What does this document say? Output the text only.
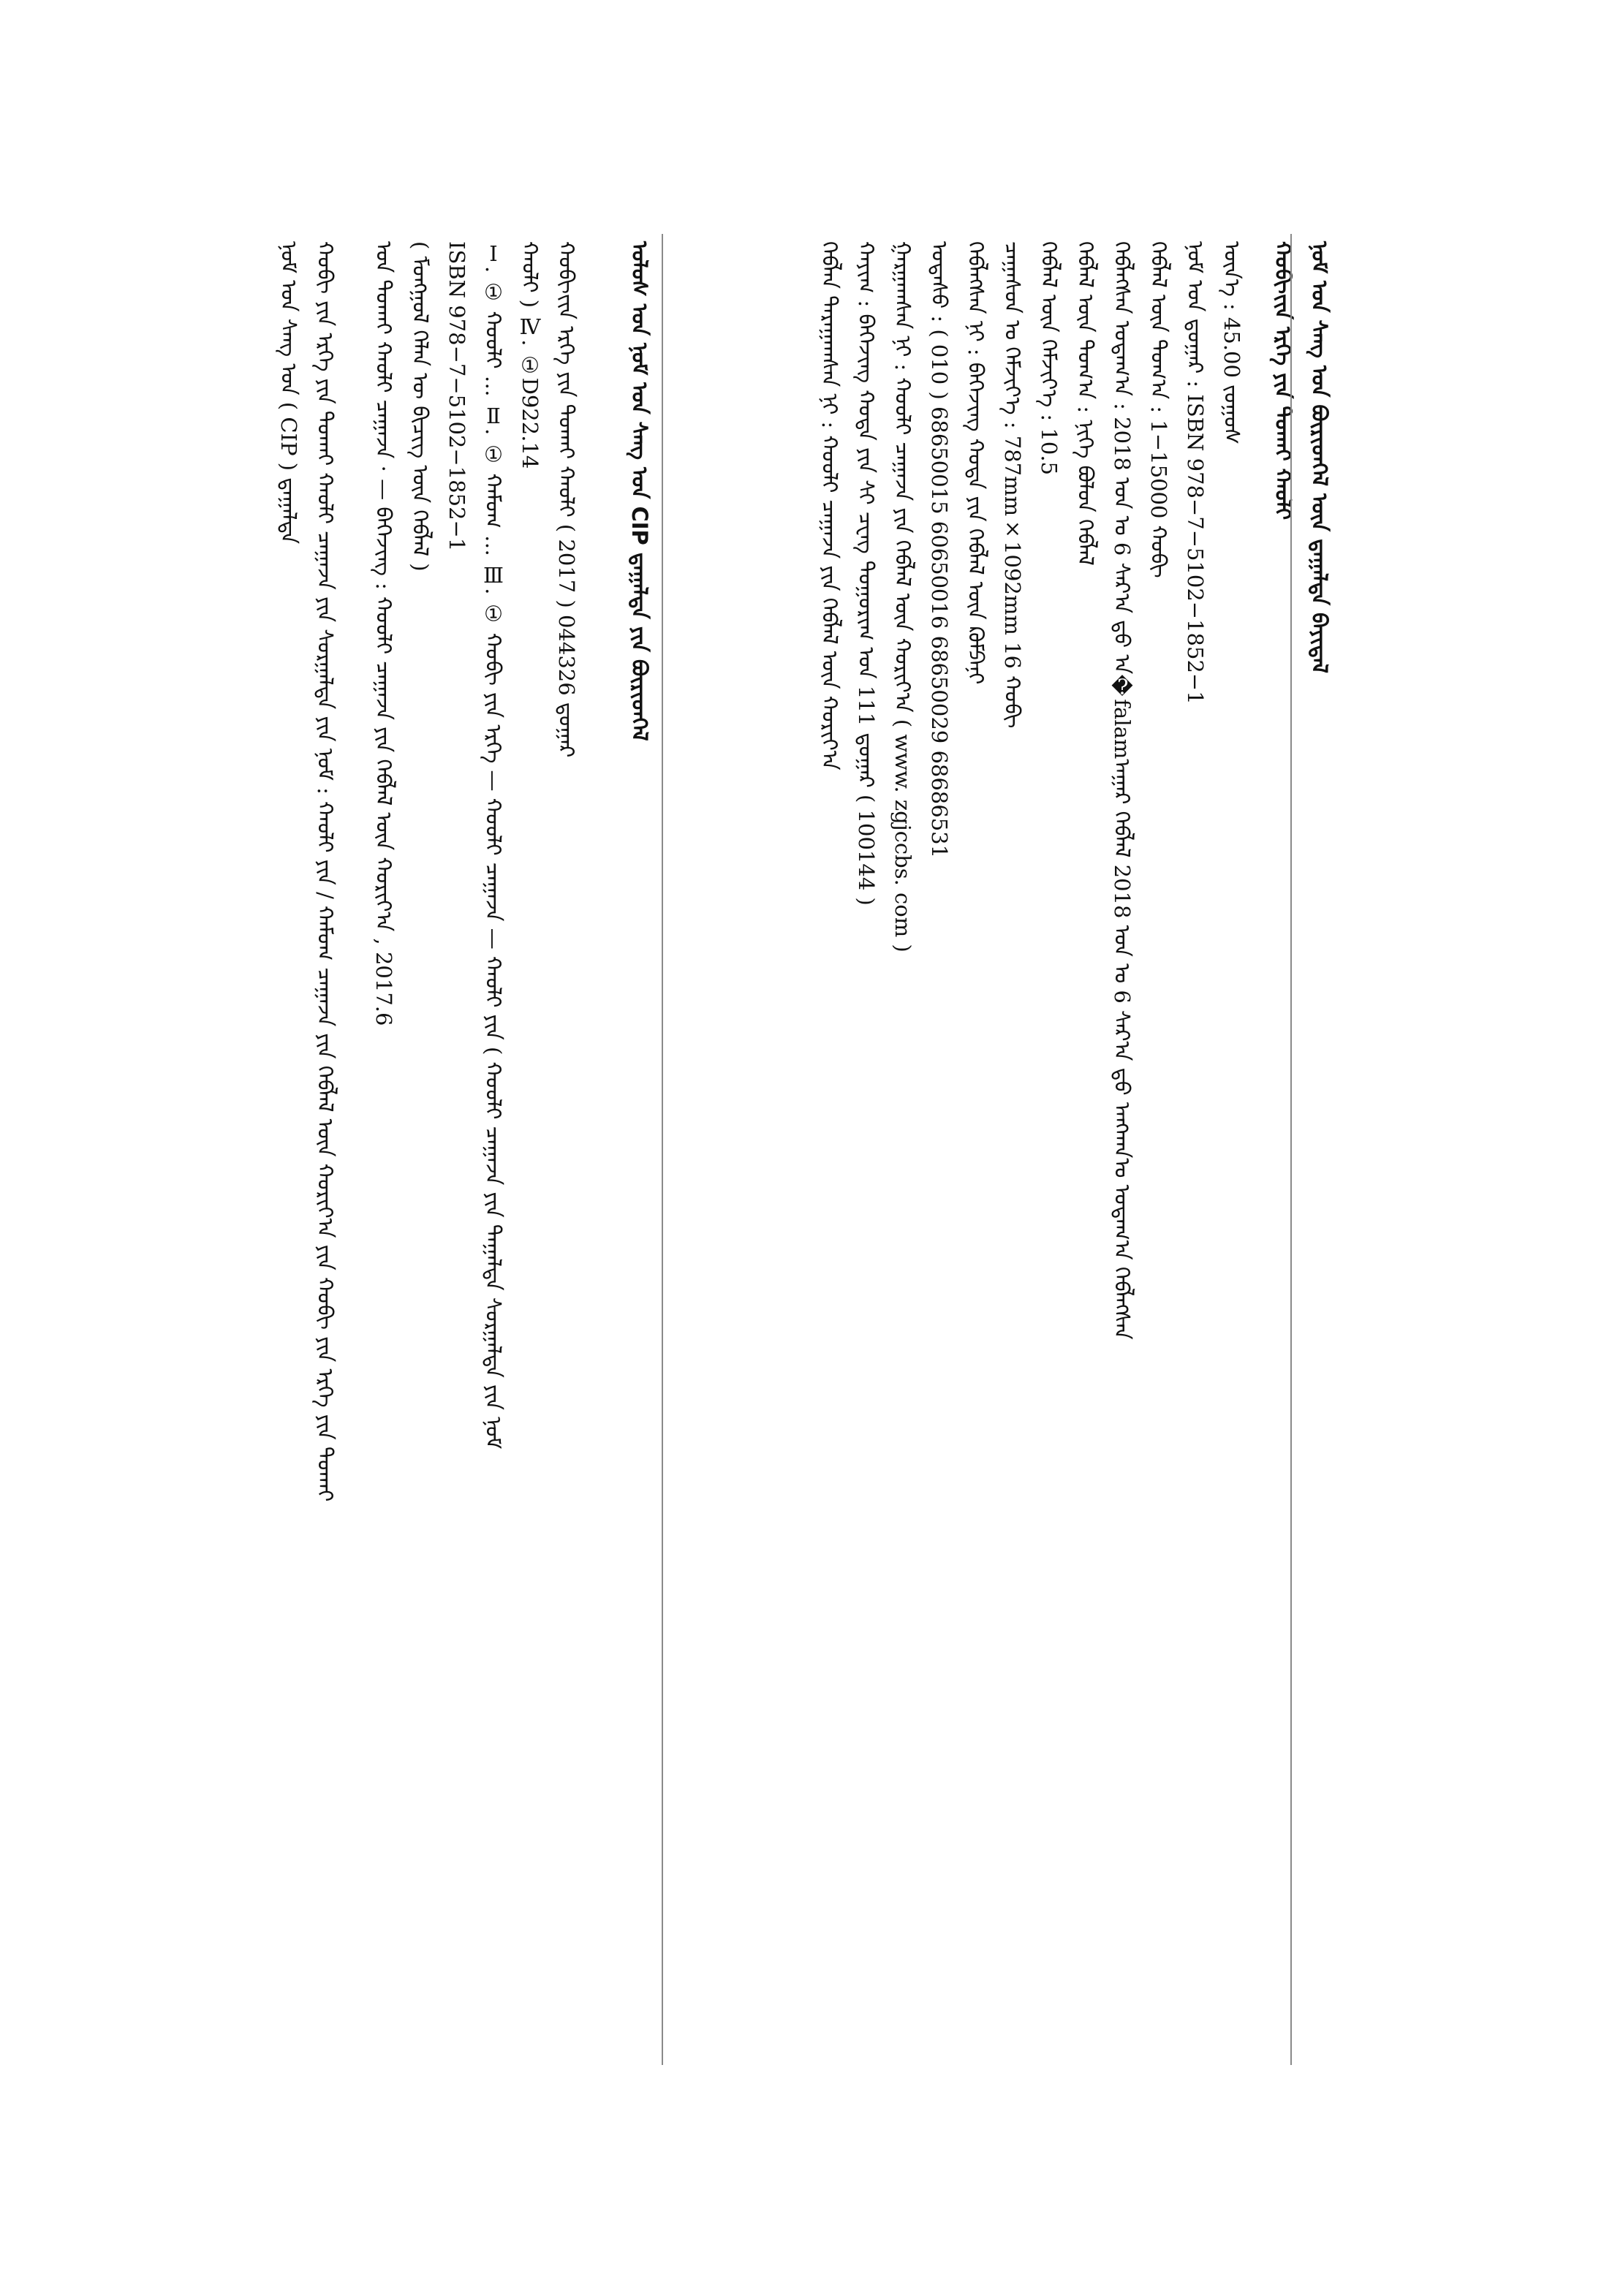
ᠨᠣᠮ ᠤᠨ ᠰᠠᠩ ᠤᠨ ᠪᠦᠷᠢᠳᠬᠡᠯ ᠦᠨ ᠳ᠋ᠠᠭᠠᠯᠲᠠ ᠪᠠᠶᠢᠳᠠᠯ
ᠬᠤᠪᠢ᠎ᠶ᠋ᠢᠨ ᠡᠷᠬᠡ ᠶᠢᠨ ᠲᠤᠬᠠᠢ ᠬᠠᠤᠯᠢ
ᠦᠨ᠎ᠡ : 45.00 ᠵᠣᠭᠣᠰ
ᠨᠣᠮ ᠤᠨ ᠳ᠋ᠤᠭᠠᠷ : ISBN 978−7−5102−1852−1
ᠬᠡᠪᠯᠡᠯ ᠦᠨ ᠲᠣᠭ᠎ᠠ : 1−15000 ᠬᠤᠪᠢ
ᠬᠡᠪᠯᠡᠭᠰᠡᠨ ᠤᠳᠠᠭ᠎ᠠ : 2018 ᠣᠨ ᠤ 6 ᠰᠠᠷ᠎ᠠ ᠳ᠋ᠤ ᠠ�falamᠠᠭᠠᠷ ᠬᠡᠪᠯᠡᠯ 2018 ᠣᠨ ᠤ 6 ᠰᠠᠷ᠎ᠠ ᠳ᠋ᠤ ᠠᠩᠬᠠᠨ᠎ᠤ ᠤᠳᠠᠭ᠎ᠠ ᠬᠡᠪᠯᠡᠭᠰᠡᠨ
ᠬᠡᠪᠯᠡᠯ ᠦᠨ ᠲᠣᠭ᠎ᠠ : ᠨᠢᠭᠡ ᠪᠣᠯᠤᠨ ᠬᠡᠪᠯᠡᠯ
ᠬᠡᠪᠯᠡᠯ ᠦᠨ ᠬᠡᠮᠵᠢᠶ᠎ᠡ : 10.5
ᠴᠠᠭᠠᠰᠤᠨ ᠤ ᠬᠡᠮᠵᠢᠶ᠎ᠡ : 787mm×1092mm 16 ᠬᠤᠪᠢ
ᠬᠡᠪᠯᠡᠭᠰᠡᠨ ᠨᠢ : ᠪᠡᠭᠡᠵᠢᠩ ᠬᠣᠲᠠ ᠶᠢᠨ ᠬᠡᠪᠯᠡᠯ ᠦᠨ ᠺᠣᠮᠫᠠᠨᠢ
ᠤᠲᠠᠰᠤ : ( 010 ) 68650015 60650016 68650029 68686531
ᠭᠠᠷᠭᠠᠭᠰᠠᠨ ᠨᠢ : ᠬᠤᠤᠯᠢ ᠴᠠᠭᠠᠵᠠ ᠶᠢᠨ ᠬᠡᠪᠯᠡᠯ ᠦᠨ ᠬᠣᠷᠢᠶ᠎ᠠ ( www. zgjccbs. com )
ᠬᠠᠶᠢᠭ : ᠪᠡᠭᠡᠵᠢᠩ ᠬᠣᠲᠠ ᠶᠢᠨ ᠰᠢ ᠴᠧᠩ ᠲᠣᠭᠣᠷᠢᠭ ᠤᠨ 111 ᠳ᠋ᠤᠭᠠᠷ ( 100144 )
ᠬᠡᠪᠯᠡᠨ ᠲᠠᠷᠠᠭᠠᠭᠰᠠᠨ ᠨᠢ : ᠬᠤᠤᠯᠢ ᠴᠠᠭᠠᠵᠠ ᠶᠢᠨ ᠬᠡᠪᠯᠡᠯ ᠦᠨ ᠬᠣᠷᠢᠶ᠎ᠠ
ᠤᠯᠤᠰ ᠤᠨ ᠨᠣᠮ ᠤᠨ ᠰᠠᠩ ᠤᠨ CIP ᠳ᠋ᠠᠭᠠᠯᠲᠠ ᠶᠢᠨ ᠪᠦᠷᠢᠳᠬᠡᠯ
ᠬᠤᠪᠢ᠎ᠶ᠋ᠢᠨ ᠡᠷᠬᠡ ᠶᠢᠨ ᠲᠤᠬᠠᠢ ᠬᠠᠤᠯᠢ ( 2017 ) 044326 ᠳ᠋ᠤᠭᠠᠷ
ᠬᠠᠤᠯᠢ ) Ⅳ. ①D922.14
Ⅰ. ① ᠬᠤᠤᠯᠢ … Ⅱ. ① ᠬᠠᠮᠤᠭ … Ⅲ. ① ᠬᠤᠪᠢ ᠶᠢᠨ ᠡᠷᠬᠡ — ᠬᠤᠤᠯᠢ ᠴᠠᠭᠠᠵᠠ — ᠬᠠᠤᠯᠢ ᠶᠢᠨ ( ᠬᠤᠤᠯᠢ ᠴᠠᠭᠠᠵᠠ ᠶᠢᠨ ᠳᠠᠭᠠᠯᠲᠠ ᠰᠤᠷᠭᠠᠯᠲᠠ ᠶᠢᠨ ᠨᠣᠮ
ISBN 978−7−5102−1852−1
( ᠮᠣᠩᠭᠣᠯ ᠬᠡᠯᠡᠨ ᠦ ᠪᠢᠴᠢᠭ ᠦᠨ ᠬᠡᠪᠯᠡᠯ )
ᠤᠨ ᠲᠤᠬᠠᠢ ᠬᠠᠤᠯᠢ ᠴᠠᠭᠠᠵᠠ · — ᠪᠡᠭᠡᠵᠢᠩ : ᠬᠤᠤᠯᠢ ᠴᠠᠭᠠᠵᠠ ᠶᠢᠨ ᠬᠡᠪᠯᠡᠯ ᠦᠨ ᠬᠣᠷᠢᠶ᠎ᠠ , 2017.6
ᠬᠤᠪᠢ ᠶᠢᠨ ᠡᠷᠬᠡ ᠶᠢᠨ ᠲᠤᠬᠠᠢ ᠬᠠᠤᠯᠢ ᠴᠠᠭᠠᠵᠠ ᠶᠢᠨ ᠰᠤᠷᠭᠠᠯᠲᠠ ᠶᠢᠨ ᠨᠣᠮ : ᠬᠠᠤᠯᠢ ᠶᠢᠨ / ᠬᠠᠮᠤᠭ ᠴᠠᠭᠠᠵᠠ ᠶᠢᠨ ᠬᠡᠪᠯᠡᠯ ᠦᠨ ᠬᠣᠷᠢᠶ᠎ᠠ ᠶᠢᠨ ᠬᠤᠪᠢ ᠶᠢᠨ ᠡᠷᠬᠡ ᠶᠢᠨ ᠲᠤᠬᠠᠢ
ᠨᠣᠮ ᠤᠨ ᠰᠠᠩ ᠤᠨ ( CIP ) ᠳ᠋ᠠᠭᠠᠯᠲᠠ
